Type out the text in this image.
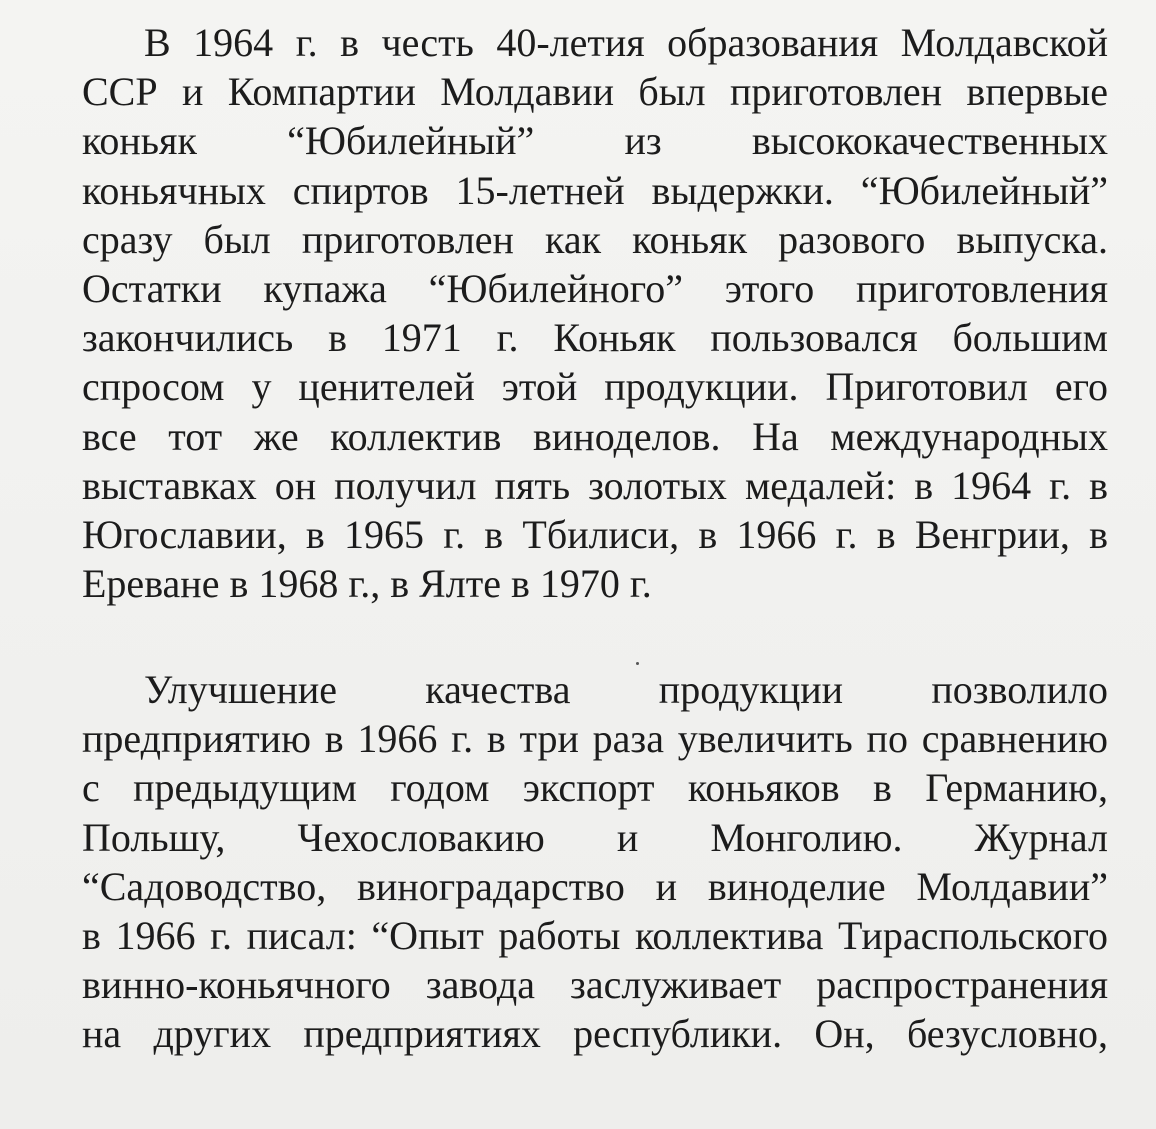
В 1964 г. в честь 40-летия образования Молдавской
ССР и Компартии Молдавии был приготовлен впервые
коньяк “Юбилейный” из высококачественных
коньячных спиртов 15-летней выдержки. “Юбилейный”
сразу был приготовлен как коньяк разового выпуска.
Остатки купажа “Юбилейного” этого приготовления
закончились в 1971 г. Коньяк пользовался большим
спросом у ценителей этой продукции. Приготовил его
все тот же коллектив виноделов. На международных
выставках он получил пять золотых медалей: в 1964 г. в
Югославии, в 1965 г. в Тбилиси, в 1966 г. в Венгрии, в
Ереване в 1968 г., в Ялте в 1970 г.
Улучшение качества продукции позволило
предприятию в 1966 г. в три раза увеличить по сравнению
с предыдущим годом экспорт коньяков в Германию,
Польшу, Чехословакию и Монголию. Журнал
“Садоводство, виноградарство и виноделие Молдавии”
в 1966 г. писал: “Опыт работы коллектива Тираспольского
винно-коньячного завода заслуживает распространения
на других предприятиях республики. Он, безусловно,
